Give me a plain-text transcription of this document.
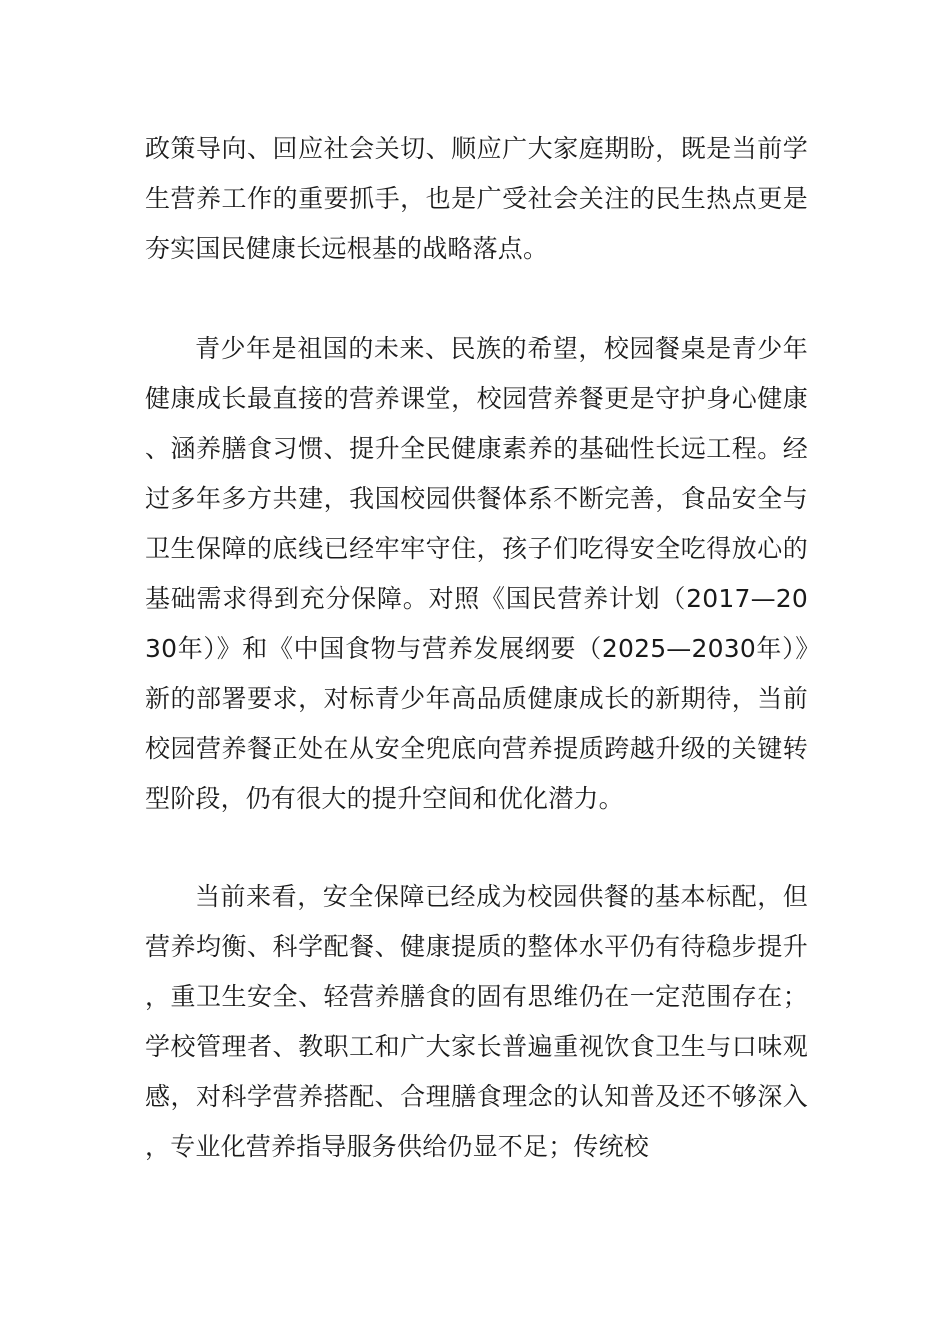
政策导向、回应社会关切、顺应广大家庭期盼，既是当前学生营养工作的重要抓手，也是广受社会关注的民生热点更是夯实国民健康长远根基的战略落点。

青少年是祖国的未来、民族的希望，校园餐桌是青少年健康成长最直接的营养课堂，校园营养餐更是守护身心健康、涵养膳食习惯、提升全民健康素养的基础性长远工程。经过多年多方共建，我国校园供餐体系不断完善，食品安全与卫生保障的底线已经牢牢守住，孩子们吃得安全吃得放心的基础需求得到充分保障。对照《国民营养计划（2017—2030年）》和《中国食物与营养发展纲要（2025—2030年）》新的部署要求，对标青少年高品质健康成长的新期待，当前校园营养餐正处在从安全兜底向营养提质跨越升级的关键转型阶段，仍有很大的提升空间和优化潜力。

当前来看，安全保障已经成为校园供餐的基本标配，但营养均衡、科学配餐、健康提质的整体水平仍有待稳步提升，重卫生安全、轻营养膳食的固有思维仍在一定范围存在；学校管理者、教职工和广大家长普遍重视饮食卫生与口味观感，对科学营养搭配、合理膳食理念的认知普及还不够深入，专业化营养指导服务供给仍显不足；传统校
